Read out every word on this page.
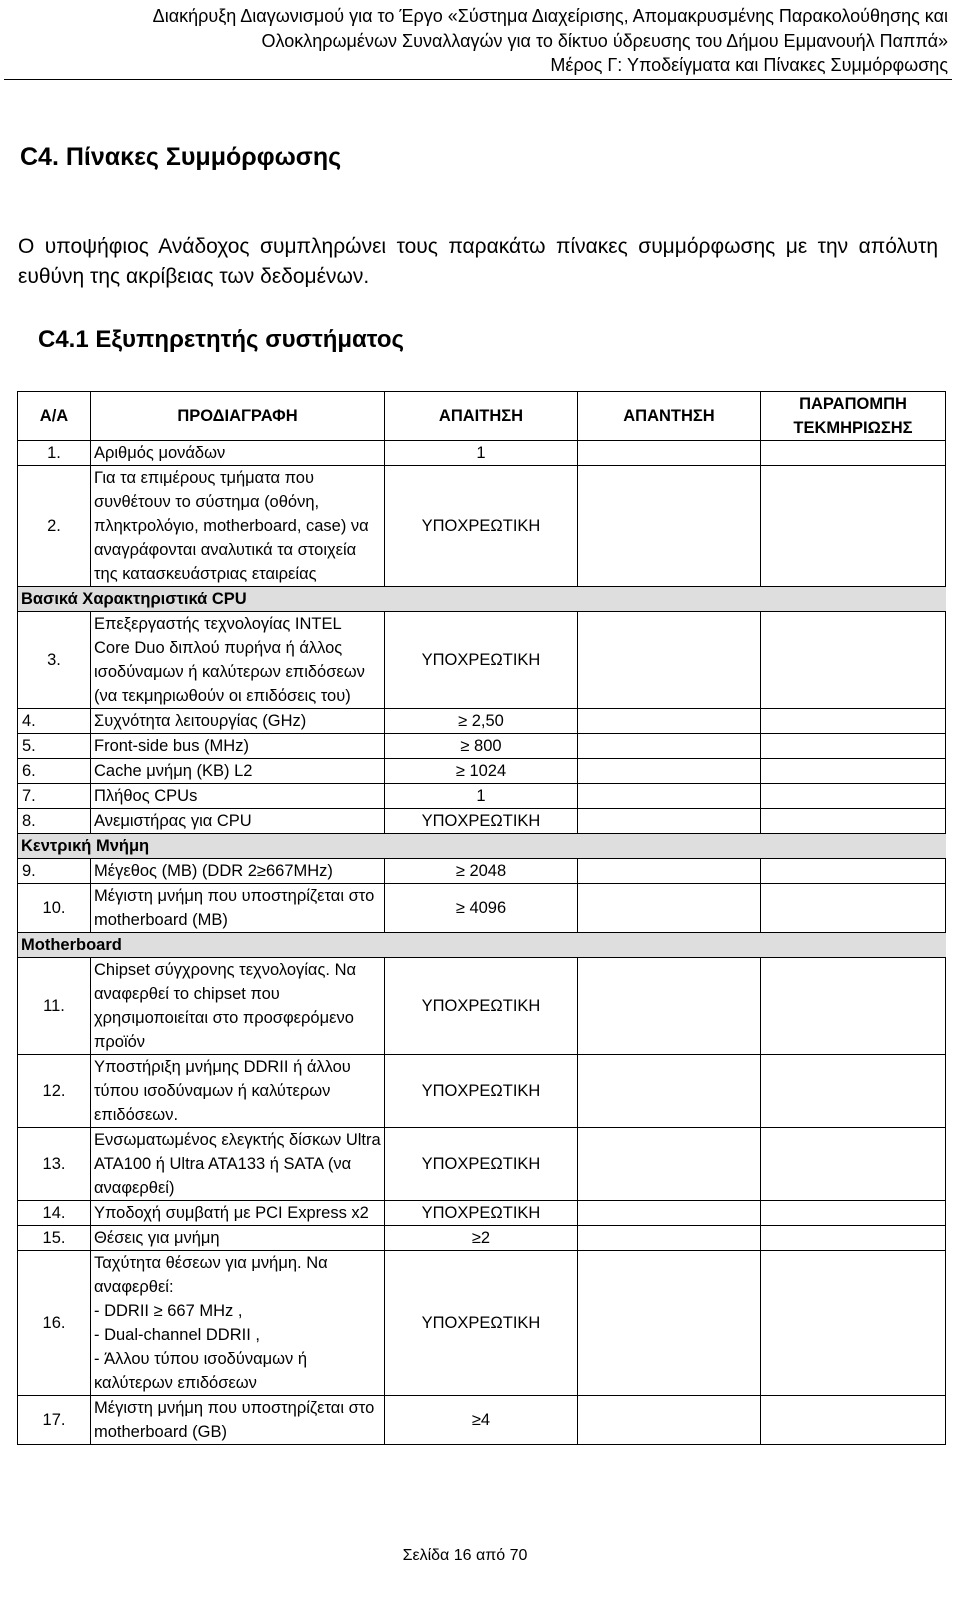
Διακήρυξη Διαγωνισμού για το Έργο «Σύστημα Διαχείρισης, Απομακρυσμένης Παρακολούθησης και
Ολοκληρωμένων Συναλλαγών για το δίκτυο ύδρευσης του Δήμου Εμμανουήλ Παππά»
Μέρος Γ: Υποδείγματα και Πίνακες Συμμόρφωσης
C4. Πίνακες Συμμόρφωσης
Ο υποψήφιος Ανάδοχος συμπληρώνει τους παρακάτω πίνακες συμμόρφωσης με την απόλυτη ευθύνη της ακρίβειας των δεδομένων.
C4.1 Εξυπηρετητής συστήματος
Α/Α	ΠΡΟΔΙΑΓΡΑΦΗ	ΑΠΑΙΤΗΣΗ	ΑΠΑΝΤΗΣΗ	ΠΑΡΑΠΟΜΠΗ ΤΕΚΜΗΡΙΩΣΗΣ
1.	Αριθμός μονάδων	1		
2.	Για τα επιμέρους τμήματα που συνθέτουν το σύστημα (οθόνη, πληκτρολόγιο, motherboard, case) να αναγράφονται αναλυτικά τα στοιχεία της κατασκευάστριας εταιρείας	ΥΠΟΧΡΕΩΤΙΚΗ		
Βασικά Χαρακτηριστικά CPU				
3.	Επεξεργαστής τεχνολογίας INTEL Core Duo διπλού πυρήνα ή άλλος ισοδύναμων ή καλύτερων επιδόσεων (να τεκμηριωθούν οι επιδόσεις του)	ΥΠΟΧΡΕΩΤΙΚΗ		
4.	Συχνότητα λειτουργίας (GHz)	≥ 2,50		
5.	Front-side bus (MHz)	≥ 800		
6.	Cache μνήμη (KB) L2	≥ 1024		
7.	Πλήθος CPUs	1		
8.	Ανεμιστήρας για CPU	ΥΠΟΧΡΕΩΤΙΚΗ		
Κεντρική Μνήμη				
9.	Μέγεθος (MB) (DDR 2≥667MHz)	≥ 2048		
10.	Μέγιστη μνήμη που υποστηρίζεται στο motherboard (MB)	≥ 4096		
Motherboard				
11.	Chipset σύγχρονης τεχνολογίας. Να αναφερθεί το chipset που χρησιμοποιείται στο προσφερόμενο προϊόν	ΥΠΟΧΡΕΩΤΙΚΗ		
12.	Υποστήριξη μνήμης DDRII ή άλλου τύπου ισοδύναμων ή καλύτερων επιδόσεων.	ΥΠΟΧΡΕΩΤΙΚΗ		
13.	Ενσωματωμένος ελεγκτής δίσκων Ultra ATA100 ή Ultra ATA133 ή SATA (να αναφερθεί)	ΥΠΟΧΡΕΩΤΙΚΗ		
14.	Υποδοχή συμβατή με PCI Express x2	ΥΠΟΧΡΕΩΤΙΚΗ		
15.	Θέσεις για μνήμη	≥2		
16.	Ταχύτητα θέσεων για μνήμη. Να αναφερθεί:
- DDRII ≥ 667 MHz ,
- Dual-channel DDRII ,
- Άλλου τύπου ισοδύναμων ή καλύτερων επιδόσεων	ΥΠΟΧΡΕΩΤΙΚΗ		
17.	Μέγιστη μνήμη που υποστηρίζεται στο motherboard (GB)	≥4		
Σελίδα 16 από 70
